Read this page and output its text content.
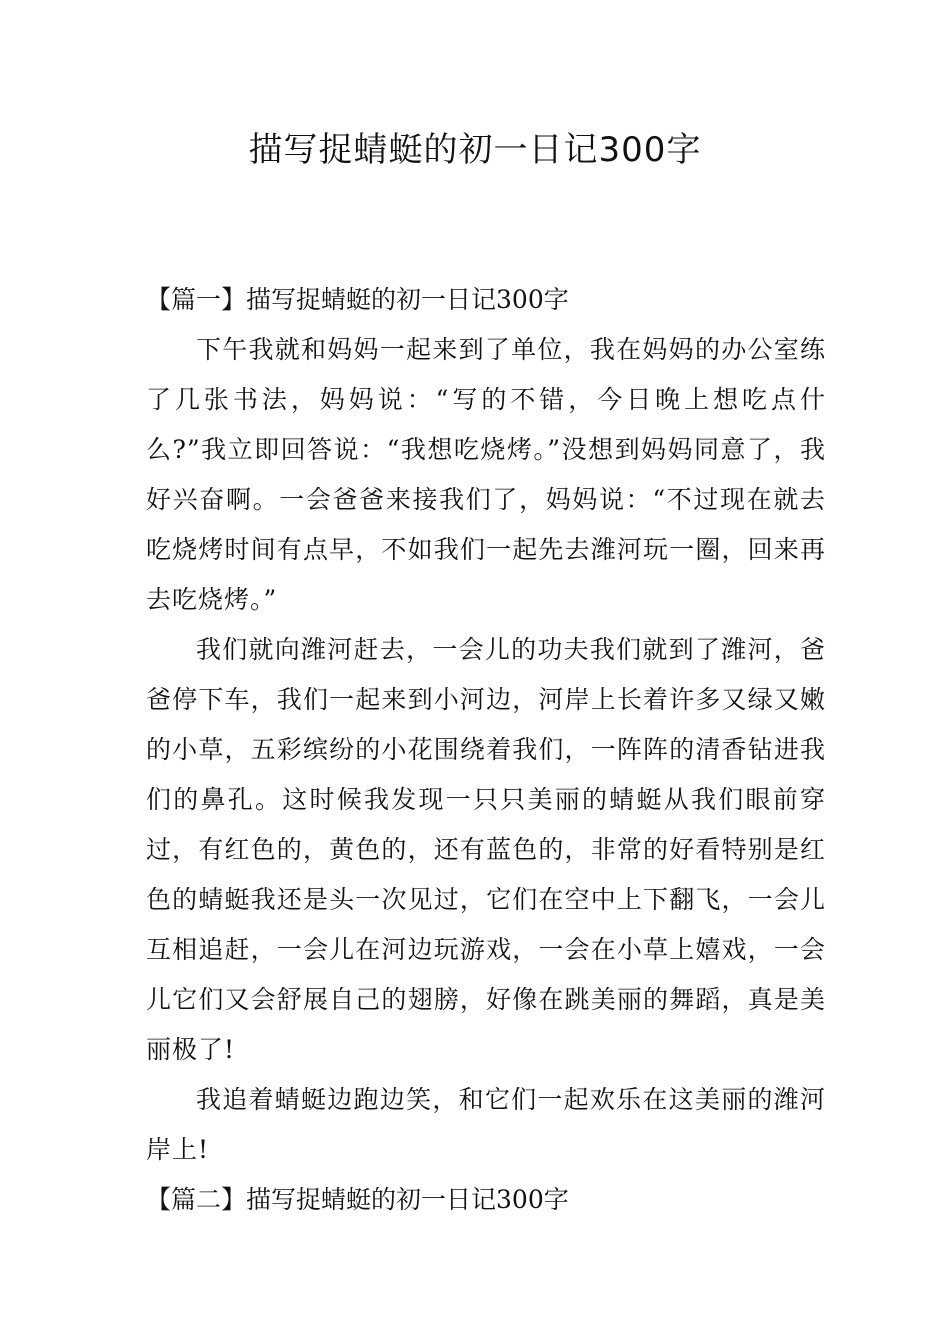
描写捉蜻蜓的初一日记300字
【篇一】描写捉蜻蜓的初一日记300字

下午我就和妈妈一起来到了单位，我在妈妈的办公室练了几张书法，妈妈说：“写的不错，今日晚上想吃点什么?”我立即回答说：“我想吃烧烤。”没想到妈妈同意了，我好兴奋啊。一会爸爸来接我们了，妈妈说：“不过现在就去吃烧烤时间有点早，不如我们一起先去潍河玩一圈，回来再去吃烧烤。”

我们就向潍河赶去，一会儿的功夫我们就到了潍河，爸爸停下车，我们一起来到小河边，河岸上长着许多又绿又嫩的小草，五彩缤纷的小花围绕着我们，一阵阵的清香钻进我们的鼻孔。这时候我发现一只只美丽的蜻蜓从我们眼前穿过，有红色的，黄色的，还有蓝色的，非常的好看特别是红色的蜻蜓我还是头一次见过，它们在空中上下翻飞，一会儿互相追赶，一会儿在河边玩游戏，一会在小草上嬉戏，一会儿它们又会舒展自己的翅膀，好像在跳美丽的舞蹈，真是美丽极了!

我追着蜻蜓边跑边笑，和它们一起欢乐在这美丽的潍河岸上!

【篇二】描写捉蜻蜓的初一日记300字
